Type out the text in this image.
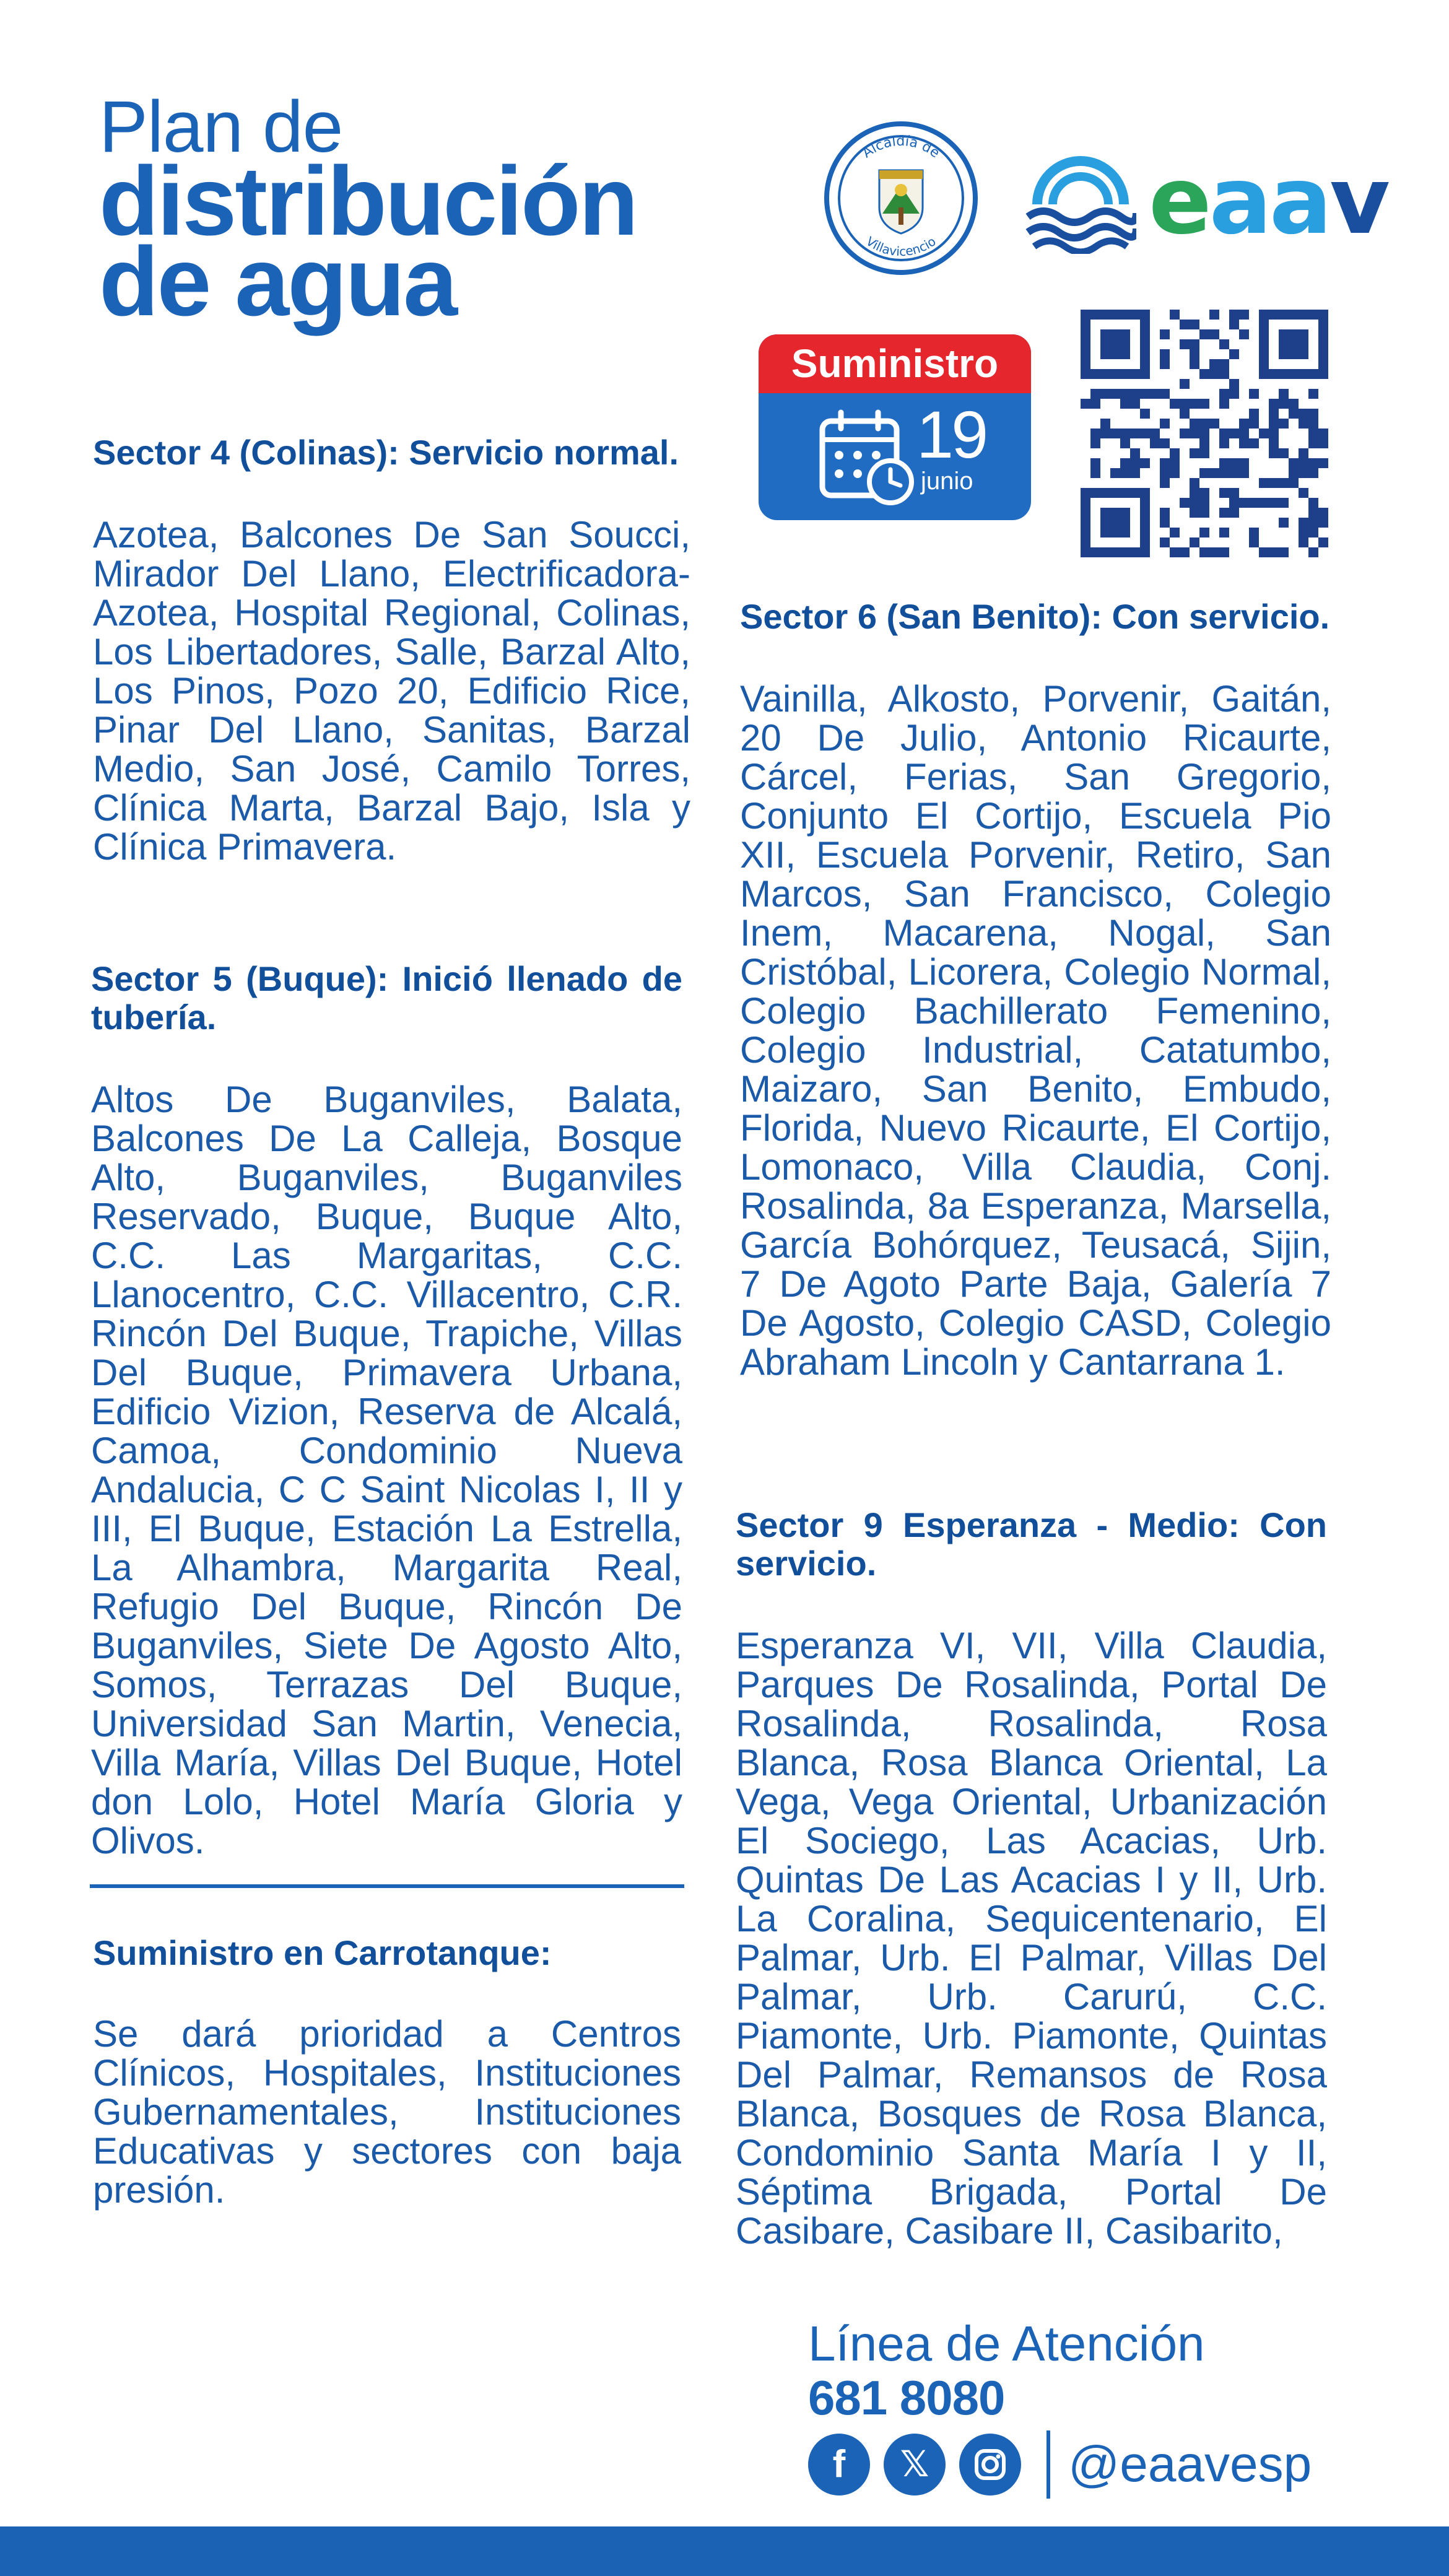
Plan de
distribución
de agua
Alcaldía de
Villavicencio eaav
Suministro
19
junio

Sector 4 (Colinas): Servicio normal.

Azotea, Balcones De San Soucci, Mirador Del Llano, Electrificadora-Azotea, Hospital Regional, Colinas, Los Libertadores, Salle, Barzal Alto, Los Pinos, Pozo 20, Edificio Rice, Pinar Del Llano, Sanitas, Barzal Medio, San José, Camilo Torres, Clínica Marta, Barzal Bajo, Isla y Clínica Primavera.

Sector 5 (Buque): Inició llenado de tubería.

Altos De Buganviles, Balata, Balcones De La Calleja, Bosque Alto, Buganviles, Buganviles Reservado, Buque, Buque Alto, C.C. Las Margaritas, C.C. Llanocentro, C.C. Villacentro, C.R. Rincón Del Buque, Trapiche, Villas Del Buque, Primavera Urbana, Edificio Vizion, Reserva de Alcalá, Camoa, Condominio Nueva Andalucia, C C Saint Nicolas I, II y III, El Buque, Estación La Estrella, La Alhambra, Margarita Real, Refugio Del Buque, Rincón De Buganviles, Siete De Agosto Alto, Somos, Terrazas Del Buque, Universidad San Martin, Venecia, Villa María, Villas Del Buque, Hotel don Lolo, Hotel María Gloria y Olivos.

Suministro en Carrotanque:

Se dará prioridad a Centros Clínicos, Hospitales, Instituciones Gubernamentales, Instituciones Educativas y sectores con baja presión.

Sector 6 (San Benito): Con servicio.

Vainilla, Alkosto, Porvenir, Gaitán, 20 De Julio, Antonio Ricaurte, Cárcel, Ferias, San Gregorio, Conjunto El Cortijo, Escuela Pio XII, Escuela Porvenir, Retiro, San Marcos, San Francisco, Colegio Inem, Macarena, Nogal, San Cristóbal, Licorera, Colegio Normal, Colegio Bachillerato Femenino, Colegio Industrial, Catatumbo, Maizaro, San Benito, Embudo, Florida, Nuevo Ricaurte, El Cortijo, Lomonaco, Villa Claudia, Conj. Rosalinda, 8a Esperanza, Marsella, García Bohórquez, Teusacá, Sijin, 7 De Agoto Parte Baja, Galería 7 De Agosto, Colegio CASD, Colegio Abraham Lincoln y Cantarrana 1.

Sector 9 Esperanza - Medio: Con servicio.

Esperanza VI, VII, Villa Claudia, Parques De Rosalinda, Portal De Rosalinda, Rosalinda, Rosa Blanca, Rosa Blanca Oriental, La Vega, Vega Oriental, Urbanización El Sociego, Las Acacias, Urb. Quintas De Las Acacias I y II, Urb. La Coralina, Sequicentenario, El Palmar, Urb. El Palmar, Villas Del Palmar, Urb. Carurú, C.C. Piamonte, Urb. Piamonte, Quintas Del Palmar, Remansos de Rosa Blanca, Bosques de Rosa Blanca, Condominio Santa María I y II, Séptima Brigada, Portal De Casibare, Casibare II, Casibarito,

Línea de Atención
681 8080
f	𝕏	@eaavesp
